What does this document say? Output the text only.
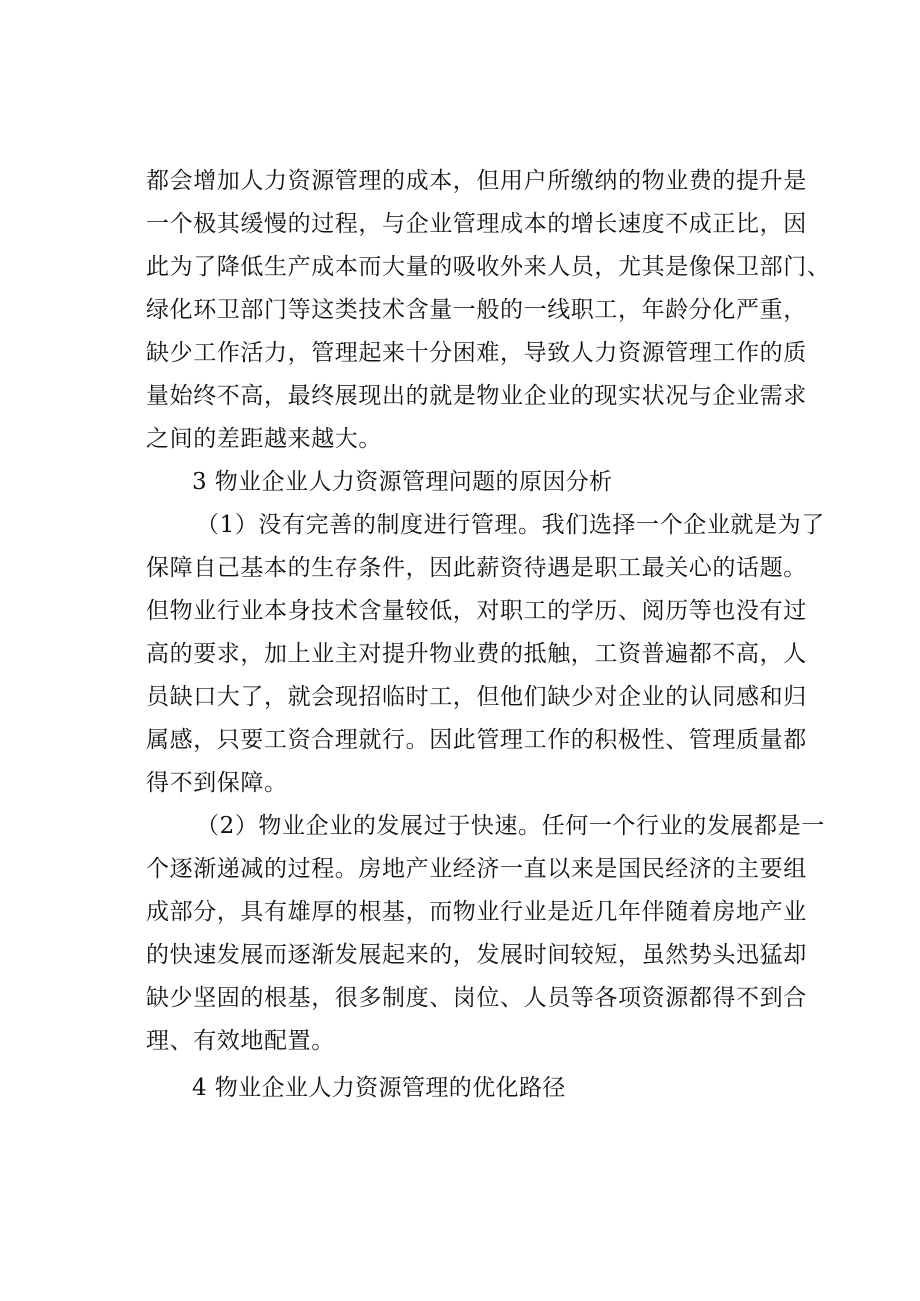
都会增加人力资源管理的成本，但用户所缴纳的物业费的提升是
一个极其缓慢的过程，与企业管理成本的增长速度不成正比，因
此为了降低生产成本而大量的吸收外来人员，尤其是像保卫部门、
绿化环卫部门等这类技术含量一般的一线职工，年龄分化严重，
缺少工作活力，管理起来十分困难，导致人力资源管理工作的质
量始终不高，最终展现出的就是物业企业的现实状况与企业需求
之间的差距越来越大。
3 物业企业人力资源管理问题的原因分析
（1）没有完善的制度进行管理。我们选择一个企业就是为了
保障自己基本的生存条件，因此薪资待遇是职工最关心的话题。
但物业行业本身技术含量较低，对职工的学历、阅历等也没有过
高的要求，加上业主对提升物业费的抵触，工资普遍都不高，人
员缺口大了，就会现招临时工，但他们缺少对企业的认同感和归
属感，只要工资合理就行。因此管理工作的积极性、管理质量都
得不到保障。
（2）物业企业的发展过于快速。任何一个行业的发展都是一
个逐渐递减的过程。房地产业经济一直以来是国民经济的主要组
成部分，具有雄厚的根基，而物业行业是近几年伴随着房地产业
的快速发展而逐渐发展起来的，发展时间较短，虽然势头迅猛却
缺少坚固的根基，很多制度、岗位、人员等各项资源都得不到合
理、有效地配置。
4 物业企业人力资源管理的优化路径
